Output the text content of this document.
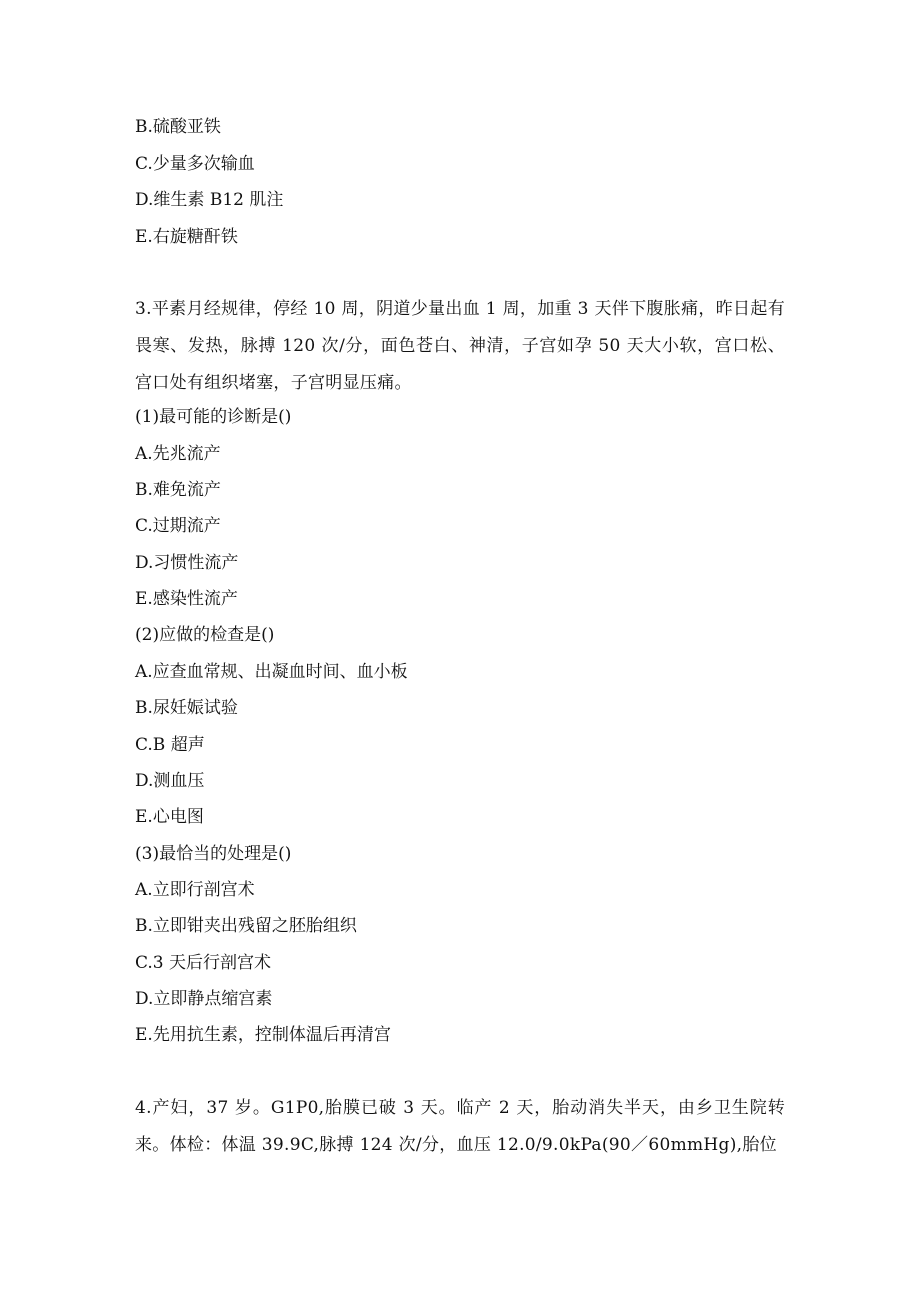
B.硫酸亚铁
C.少量多次输血
D.维生素 B12 肌注
E.右旋糖酐铁
3.平素月经规律，停经 10 周，阴道少量出血 1 周，加重 3 天伴下腹胀痛，昨日起有畏寒、发热，脉搏 120 次/分，面色苍白、神清，子宫如孕 50 天大小软，宫口松、宫口处有组织堵塞，子宫明显压痛。
(1)最可能的诊断是()
A.先兆流产
B.难免流产
C.过期流产
D.习惯性流产
E.感染性流产
(2)应做的检查是()
A.应查血常规、出凝血时间、血小板
B.尿妊娠试验
C.B 超声
D.测血压
E.心电图
(3)最恰当的处理是()
A.立即行剖宫术
B.立即钳夹出残留之胚胎组织
C.3 天后行剖宫术
D.立即静点缩宫素
E.先用抗生素，控制体温后再清宫
4.产妇，37 岁。G1P0,胎膜已破 3 天。临产 2 天，胎动消失半天，由乡卫生院转来。体检：体温 39.9C,脉搏 124 次/分，血压 12.0/9.0kPa(90／60mmHg),胎位
